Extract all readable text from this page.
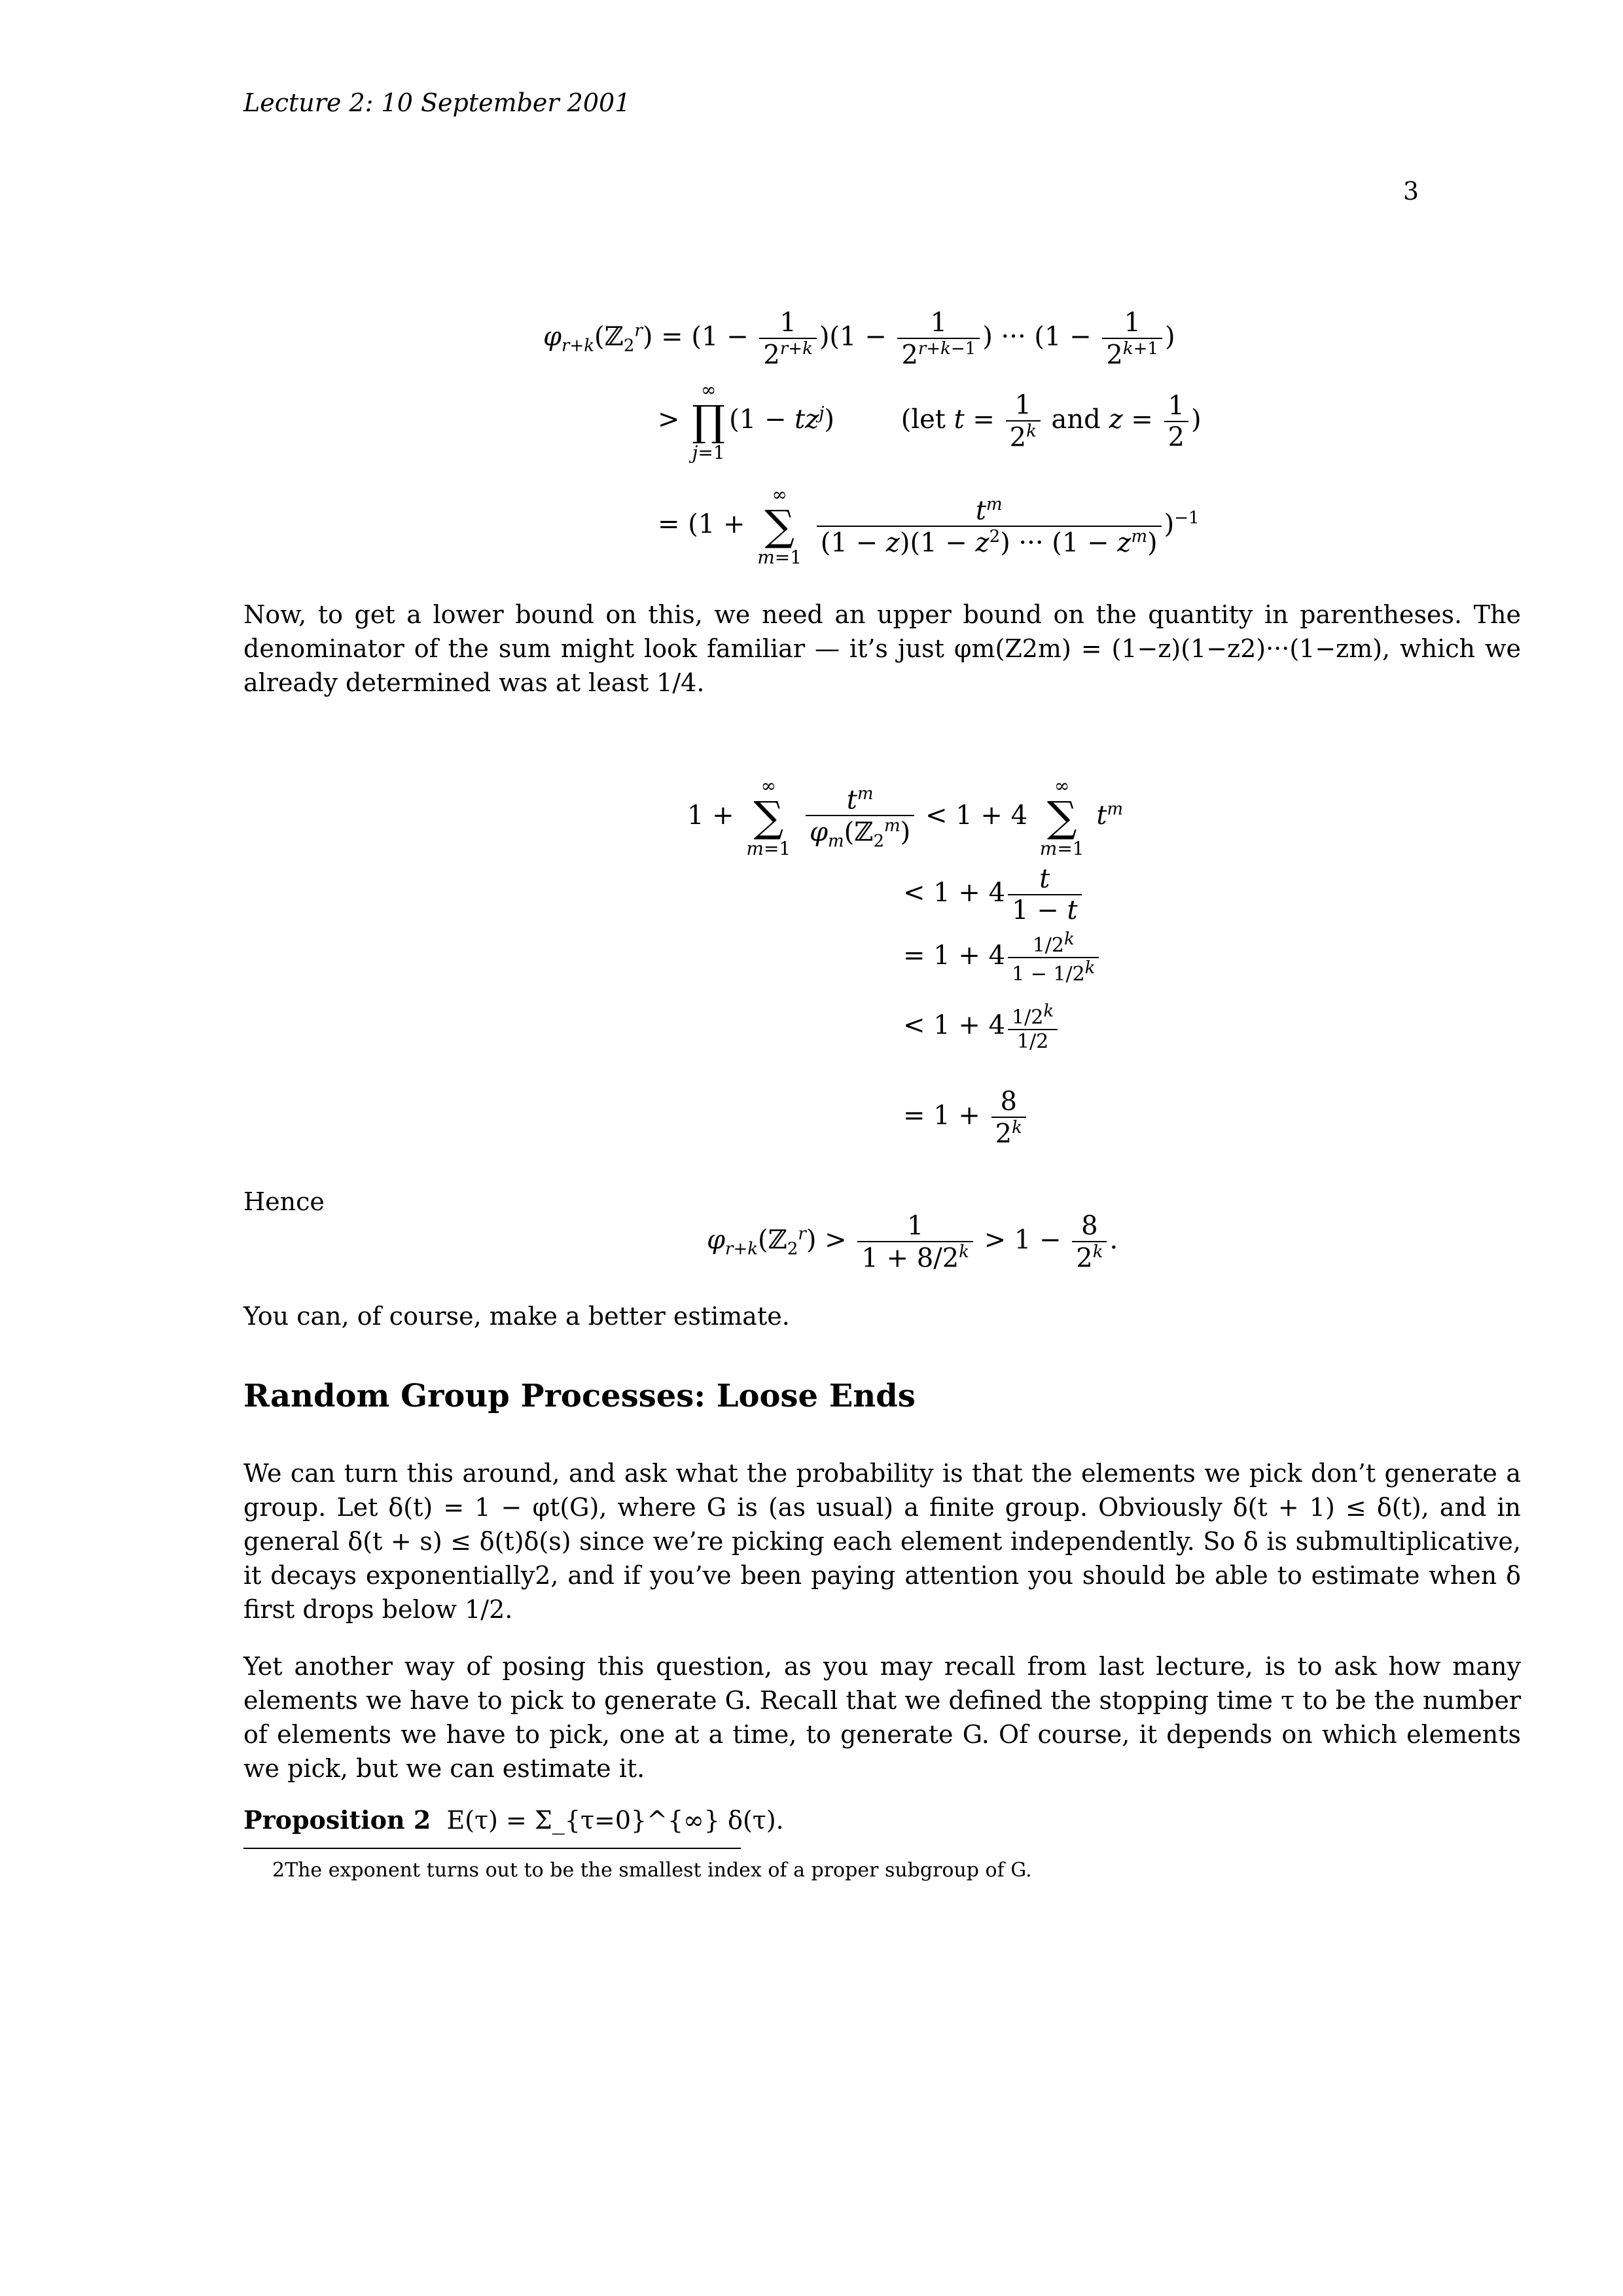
Lecture 2: 10 September 2001
3
$\varphi_{r+k}(ℤ_2^r) = (1 - \frac{1}{2^{r+k}} )(1 - \frac{1}{2^{r+k-1}}$ ) ··· ($1 - \frac{1}{2^{k+1}}$ )
>
∞
∏
j=1
$(1 - tz^j)$        (let $t = \frac{1}{2^k}$ and $z = \frac{1}{2}$ )
= (1 +
∞
∑
m=1
$\frac{t^m}{(1 - z)(1 - z^2) \cdot\cdot\cdot (1 - z^m)} )^{-1}$
Now, to get a lower bound on this, we need an upper bound on the quantity in parentheses. The denominator of the sum might look familiar — it’s just φm(Z2m) = (1−z)(1−z2)···(1−zm), which we already determined was at least 1/4.
1 +
∞
∑
m=1
$\frac{t^m}{\varphi_m(ℤ_2^m)} < 1 + 4$
∞
∑
m=1
$t^m$
< $1 + 4 \frac{t}{1 - t}$
= $1 + 4 \frac{1/2^k}{1 - 1/2^k}$
< $1 + 4 \frac{1/2^k}{1/2}$
= $1 + \frac{8}{2^k}$
Hence
$\varphi_{r+k}(ℤ_2^r) > \frac{1}{1 + 8/2^k} > 1 - \frac{8}{2^k}$ .
You can, of course, make a better estimate.
Random Group Processes: Loose Ends
We can turn this around, and ask what the probability is that the elements we pick don’t generate a group. Let δ(t) = 1 − φt(G), where G is (as usual) a finite group. Obviously δ(t + 1) ≤ δ(t), and in general δ(t + s) ≤ δ(t)δ(s) since we’re picking each element independently. So δ is submultiplicative, it decays exponentially2, and if you’ve been paying attention you should be able to estimate when δ first drops below 1/2.
Yet another way of posing this question, as you may recall from last lecture, is to ask how many elements we have to pick to generate G. Recall that we defined the stopping time τ to be the number of elements we have to pick, one at a time, to generate G. Of course, it depends on which elements we pick, but we can estimate it.
Proposition 2 E(τ) = Σ_{τ=0}^{∞} δ(τ).
2The exponent turns out to be the smallest index of a proper subgroup of G.
